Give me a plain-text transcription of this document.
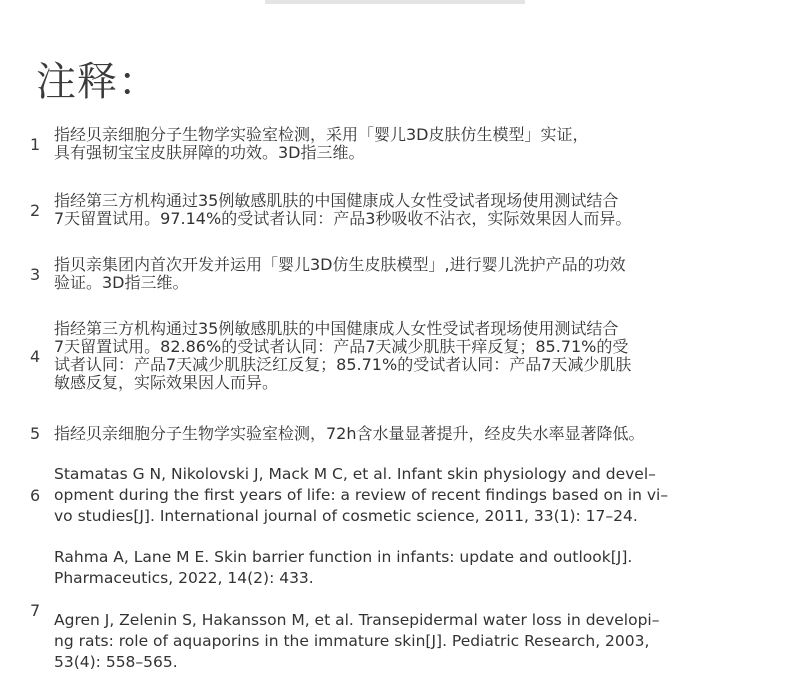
注释：
1 指经贝亲细胞分子生物学实验室检测，采用「婴儿3D皮肤仿生模型」实证，
具有强韧宝宝皮肤屏障的功效。3D指三维。
2 指经第三方机构通过35例敏感肌肤的中国健康成人女性受试者现场使用测试结合
7天留置试用。97.14%的受试者认同：产品3秒吸收不沾衣，实际效果因人而异。
3 指贝亲集团内首次开发并运用「婴儿3D仿生皮肤模型」,进行婴儿洗护产品的功效
验证。3D指三维。
4
指经第三方机构通过35例敏感肌肤的中国健康成人女性受试者现场使用测试结合
7天留置试用。82.86%的受试者认同：产品7天减少肌肤干痒反复；85.71%的受
试者认同：产品7天减少肌肤泛红反复；85.71%的受试者认同：产品7天减少肌肤
敏感反复，实际效果因人而异。
5 指经贝亲细胞分子生物学实验室检测，72h含水量显著提升，经皮失水率显著降低。
6
Stamatas G N, Nikolovski J, Mack M C, et al. Infant skin physiology and devel–
opment during the first years of life: a review of recent findings based on in vi–
vo studies[J]. International journal of cosmetic science, 2011, 33(1): 17–24.
7
Rahma A, Lane M E. Skin barrier function in infants: update and outlook[J].
Pharmaceutics, 2022, 14(2): 433.
Agren J, Zelenin S, Hakansson M, et al. Transepidermal water loss in developi–
ng rats: role of aquaporins in the immature skin[J]. Pediatric Research, 2003,
53(4): 558–565.
